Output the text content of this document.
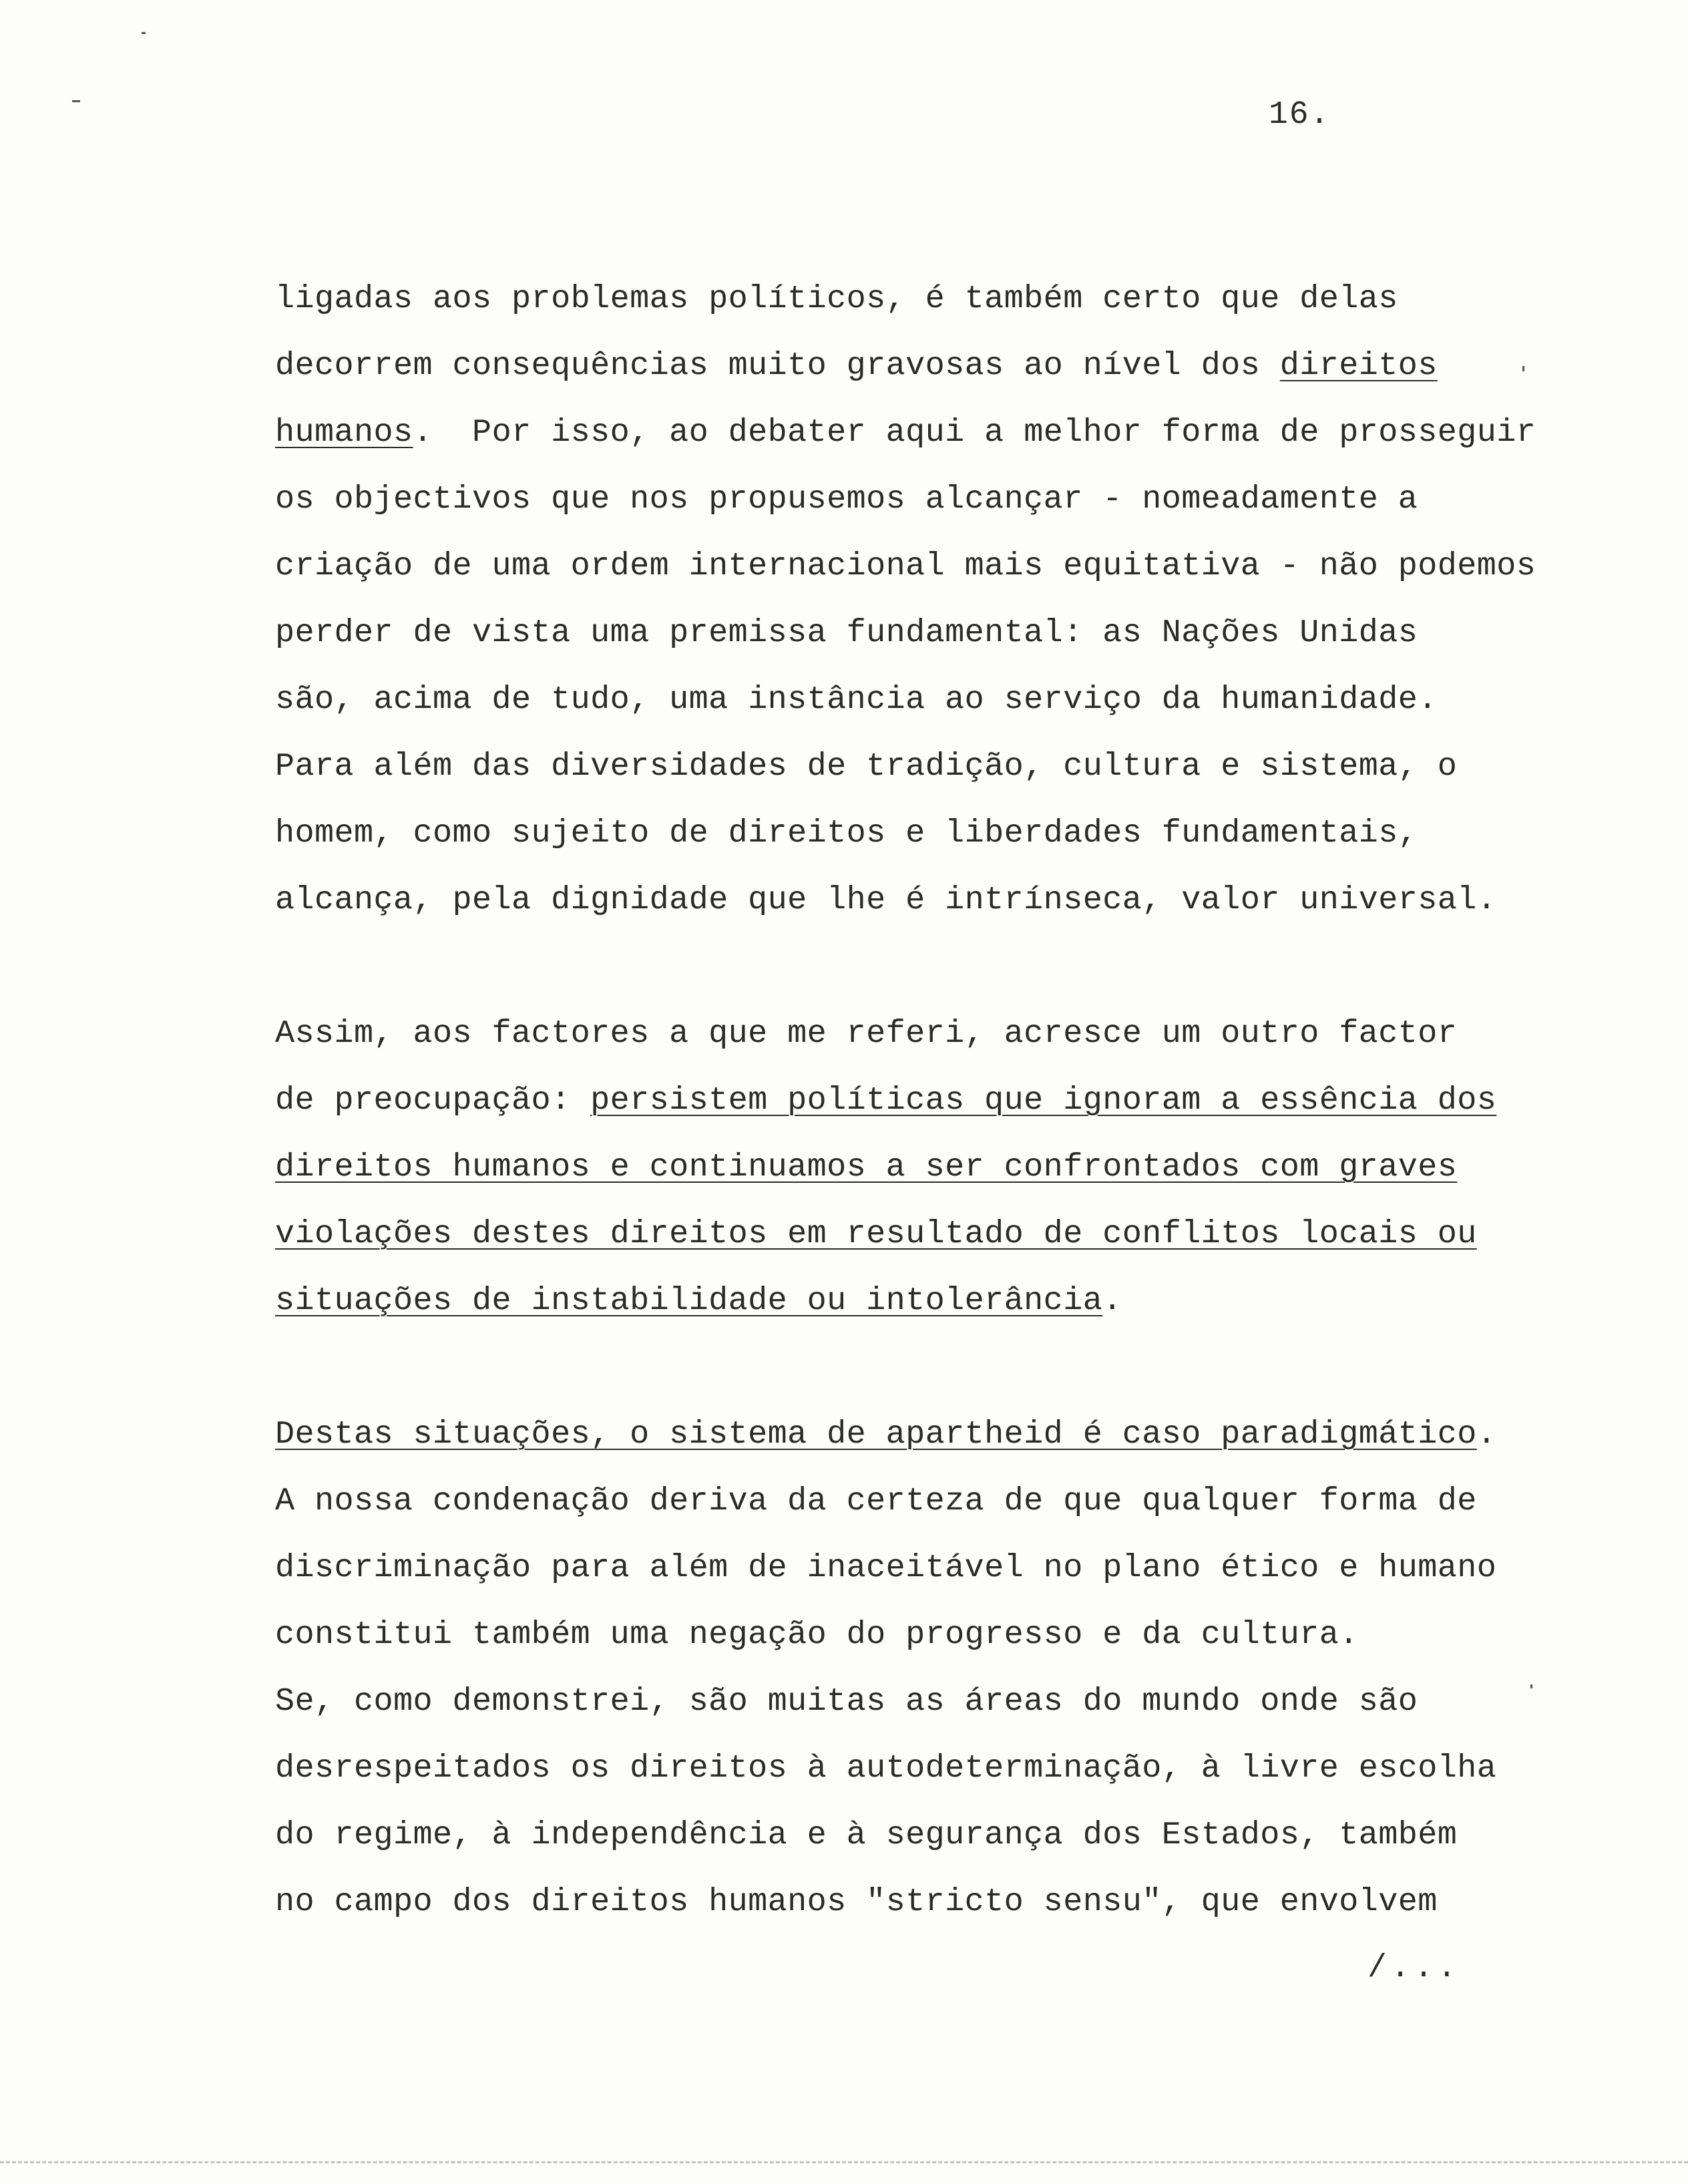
16.
ligadas aos problemas políticos, é também certo que delas
decorrem consequências muito gravosas ao nível dos direitos
humanos.  Por isso, ao debater aqui a melhor forma de prosseguir
os objectivos que nos propusemos alcançar - nomeadamente a
criação de uma ordem internacional mais equitativa - não podemos
perder de vista uma premissa fundamental: as Nações Unidas
são, acima de tudo, uma instância ao serviço da humanidade.
Para além das diversidades de tradição, cultura e sistema, o
homem, como sujeito de direitos e liberdades fundamentais,
alcança, pela dignidade que lhe é intrínseca, valor universal.
Assim, aos factores a que me referi, acresce um outro factor
de preocupação: persistem políticas que ignoram a essência dos
direitos humanos e continuamos a ser confrontados com graves
violações destes direitos em resultado de conflitos locais ou
situações de instabilidade ou intolerância.
Destas situações, o sistema de apartheid é caso paradigmático.
A nossa condenação deriva da certeza de que qualquer forma de
discriminação para além de inaceitável no plano ético e humano
constitui também uma negação do progresso e da cultura.
Se, como demonstrei, são muitas as áreas do mundo onde são
desrespeitados os direitos à autodeterminação, à livre escolha
do regime, à independência e à segurança dos Estados, também
no campo dos direitos humanos "stricto sensu", que envolvem
/...
